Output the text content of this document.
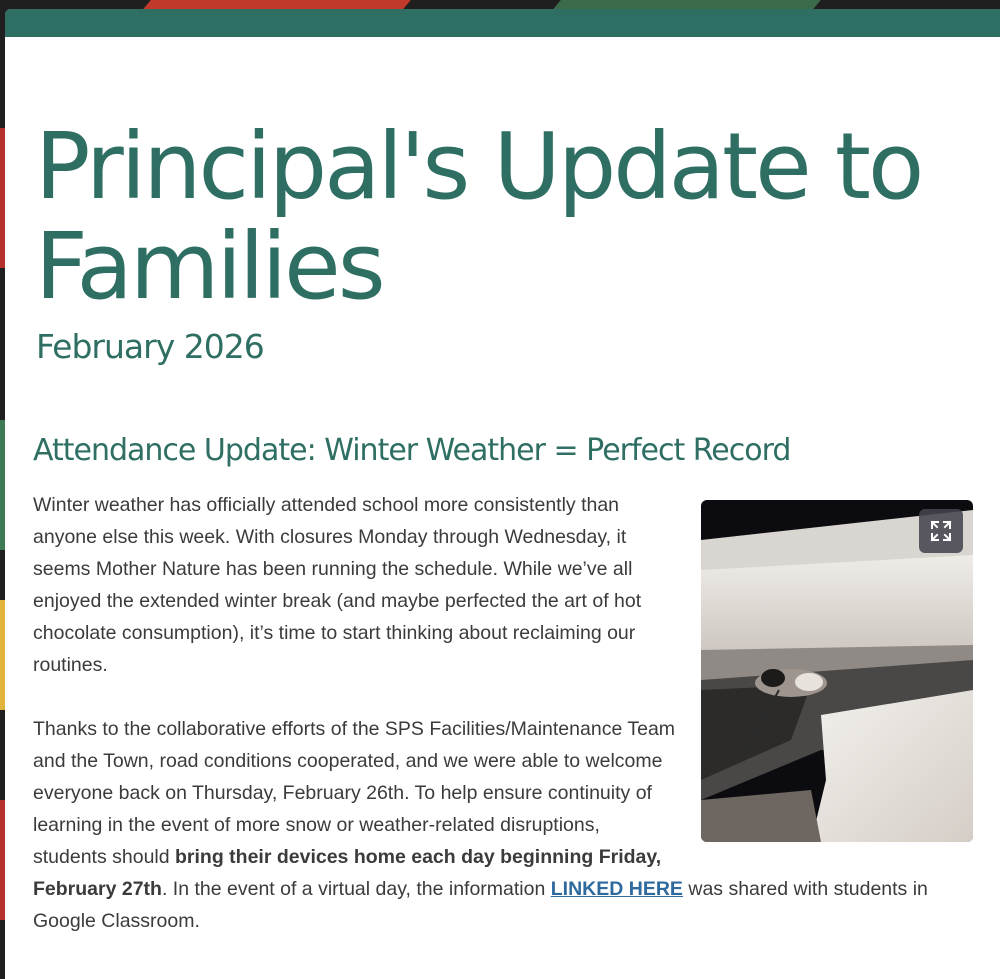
Principal's Update to Families
February 2026
Attendance Update: Winter Weather = Perfect Record

Winter weather has officially attended school more consistently than anyone else this week. With closures Monday through Wednesday, it seems Mother Nature has been running the schedule. While we’ve all enjoyed the extended winter break (and maybe perfected the art of hot chocolate consumption), it’s time to start thinking about reclaiming our routines.

Thanks to the collaborative efforts of the SPS Facilities/Maintenance Team and the Town, road conditions cooperated, and we were able to welcome everyone back on Thursday, February 26th. To help ensure continuity of learning in the event of more snow or weather-related disruptions, students should bring their devices home each day beginning Friday, February 27th. In the event of a virtual day, the information LINKED HERE was shared with students in Google Classroom.
